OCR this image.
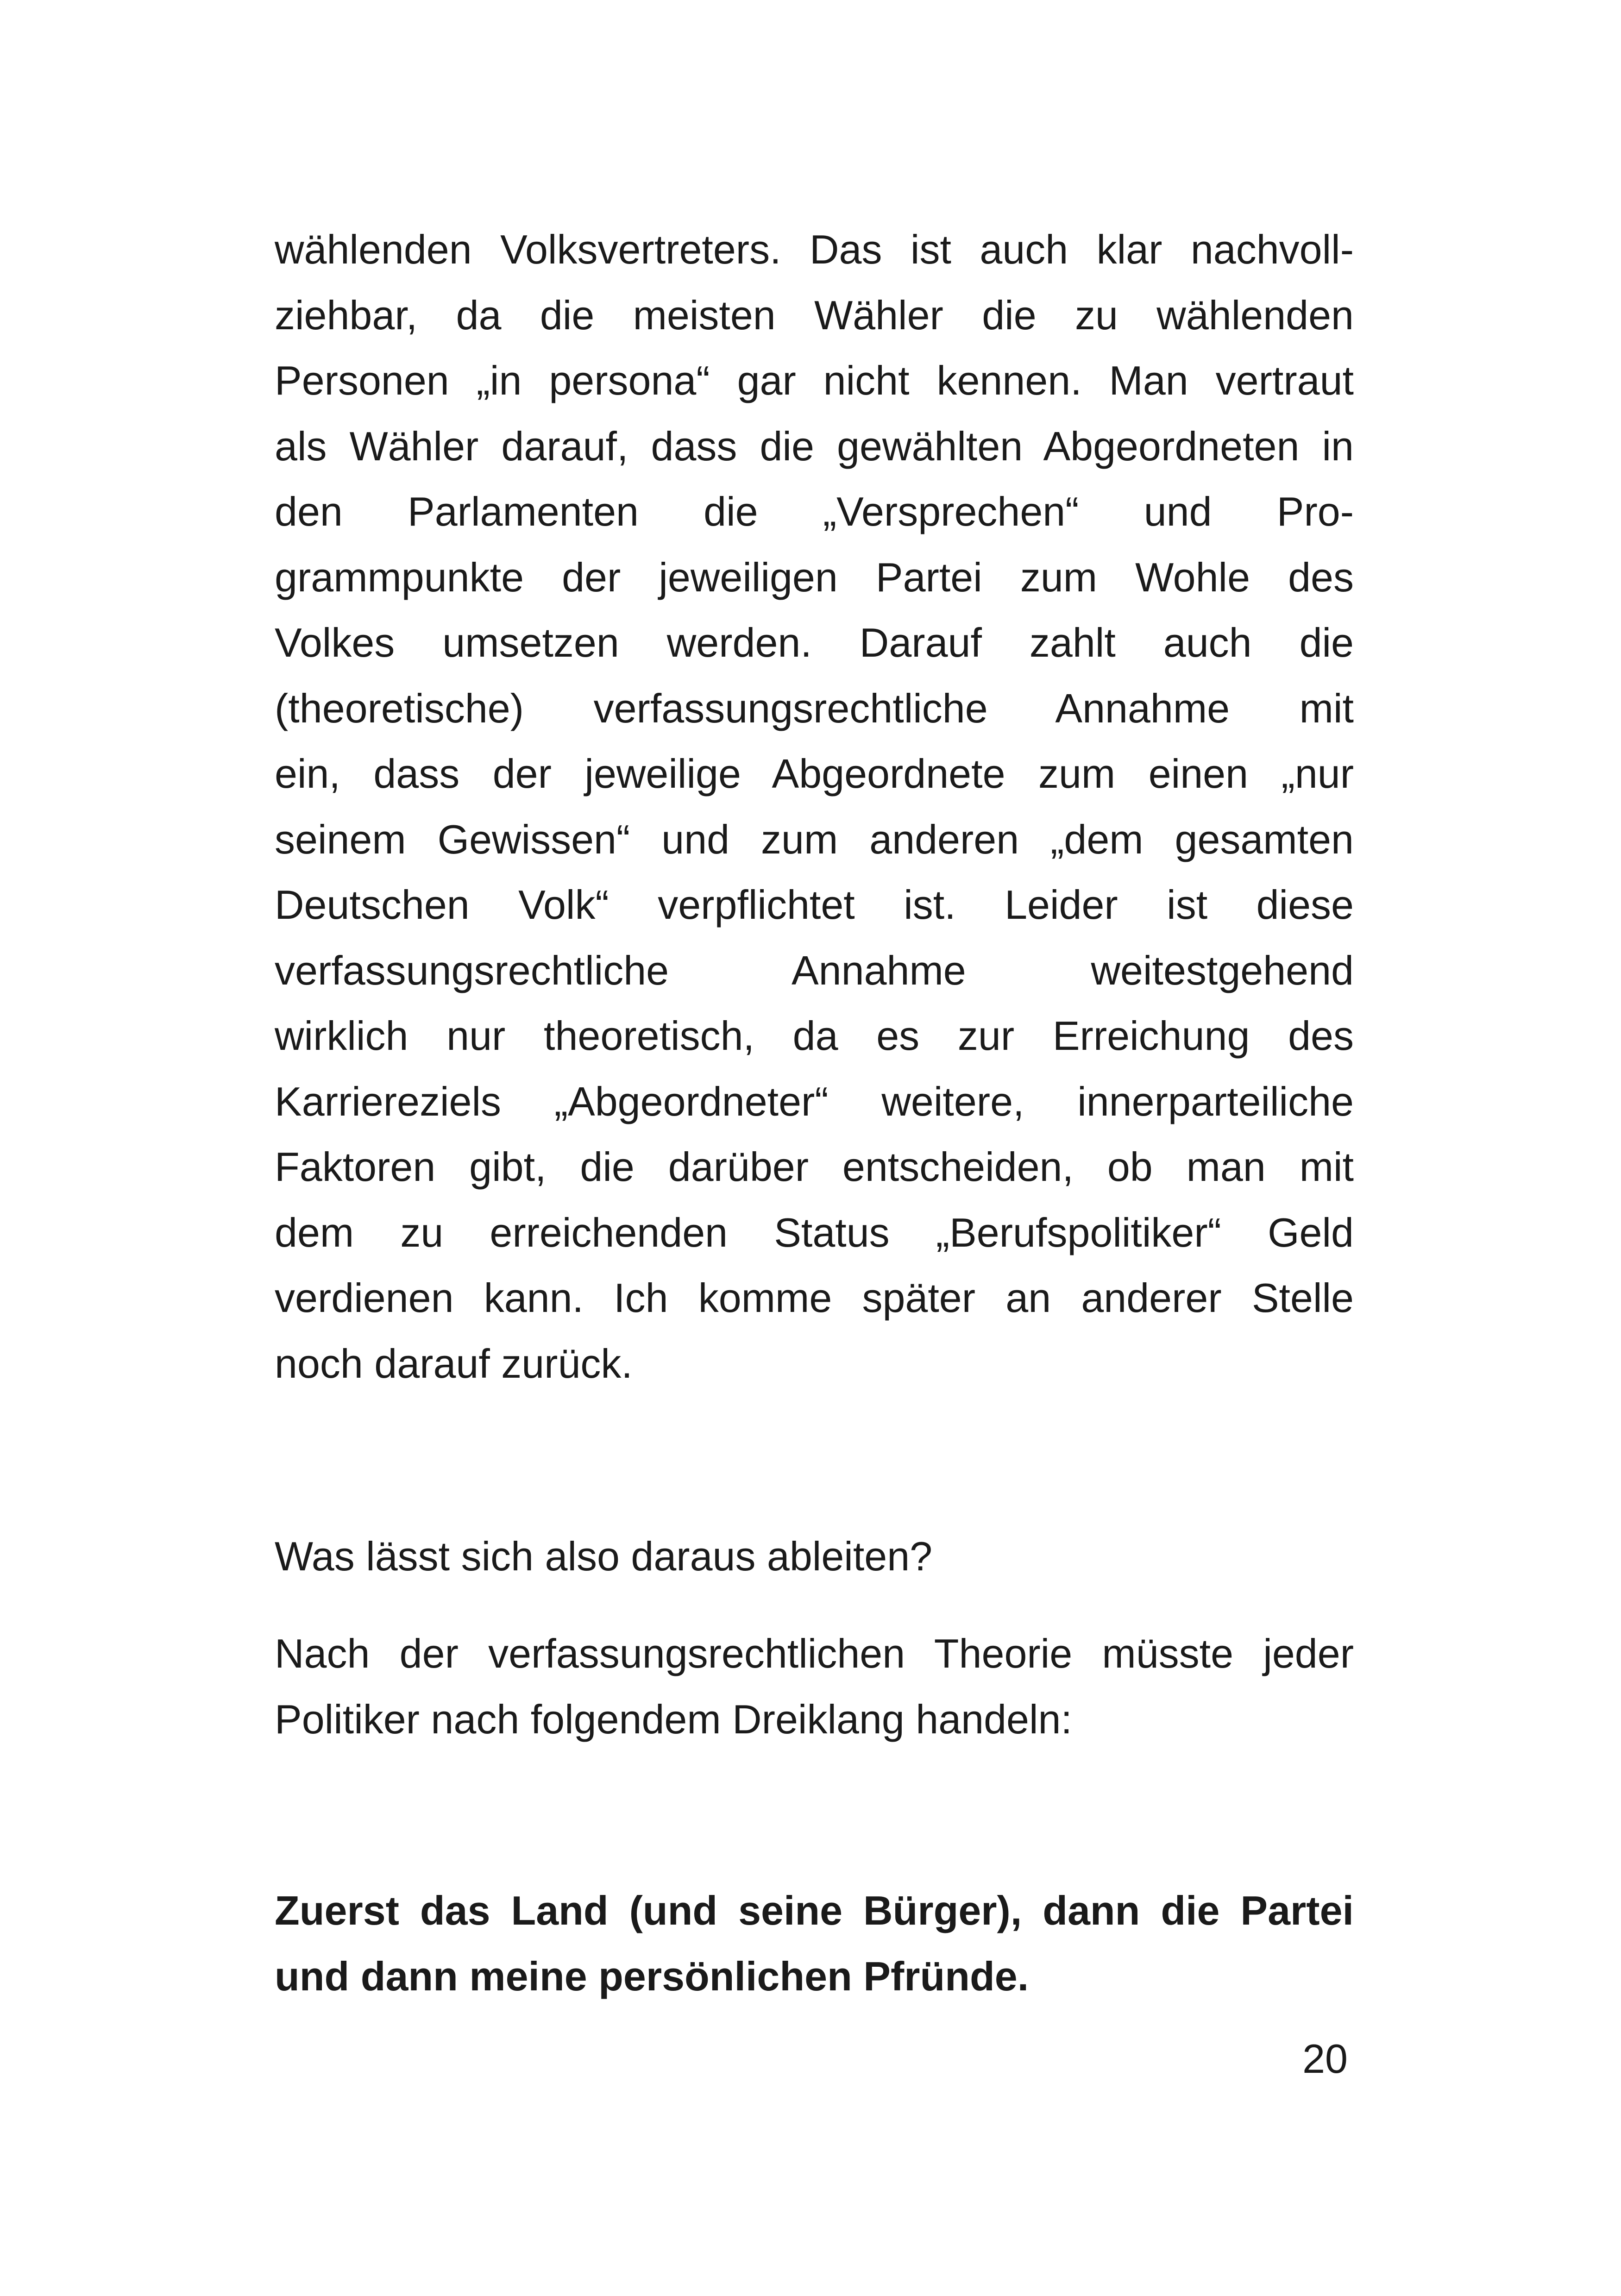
wählenden Volksvertreters. Das ist auch klar nachvoll-
ziehbar, da die meisten Wähler die zu wählenden
Personen „in persona“ gar nicht kennen. Man vertraut
als Wähler darauf, dass die gewählten Abgeordneten in
den Parlamenten die „Versprechen“ und Pro-
grammpunkte der jeweiligen Partei zum Wohle des
Volkes umsetzen werden. Darauf zahlt auch die
(theoretische) verfassungsrechtliche Annahme mit
ein, dass der jeweilige Abgeordnete zum einen „nur
seinem Gewissen“ und zum anderen „dem gesamten
Deutschen Volk“ verpflichtet ist. Leider ist diese
verfassungsrechtliche Annahme weitestgehend
wirklich nur theoretisch, da es zur Erreichung des
Karriereziels „Abgeordneter“ weitere, innerparteiliche
Faktoren gibt, die darüber entscheiden, ob man mit
dem zu erreichenden Status „Berufspolitiker“ Geld
verdienen kann. Ich komme später an anderer Stelle
noch darauf zurück.
Was lässt sich also daraus ableiten?
Nach der verfassungsrechtlichen Theorie müsste jeder
Politiker nach folgendem Dreiklang handeln:
Zuerst das Land (und seine Bürger), dann die Partei
und dann meine persönlichen Pfründe.
20
